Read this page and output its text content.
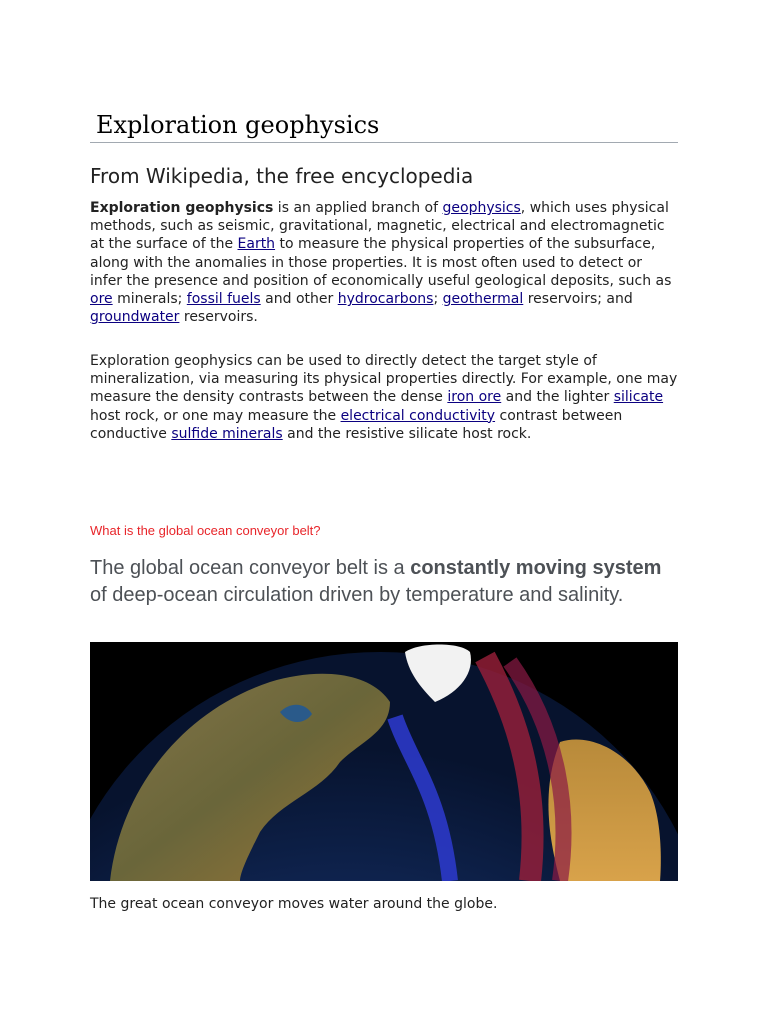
Exploration geophysics
From Wikipedia, the free encyclopedia

Exploration geophysics is an applied branch of geophysics, which uses physical methods, such as seismic, gravitational, magnetic, electrical and electromagnetic at the surface of the Earth to measure the physical properties of the subsurface, along with the anomalies in those properties. It is most often used to detect or infer the presence and position of economically useful geological deposits, such as ore minerals; fossil fuels and other hydrocarbons; geothermal reservoirs; and groundwater reservoirs.

Exploration geophysics can be used to directly detect the target style of mineralization, via measuring its physical properties directly. For example, one may measure the density contrasts between the dense iron ore and the lighter silicate host rock, or one may measure the electrical conductivity contrast between conductive sulfide minerals and the resistive silicate host rock.

What is the global ocean conveyor belt?
The global ocean conveyor belt is a constantly moving system of deep-ocean circulation driven by temperature and salinity.
The great ocean conveyor moves water around the globe.
